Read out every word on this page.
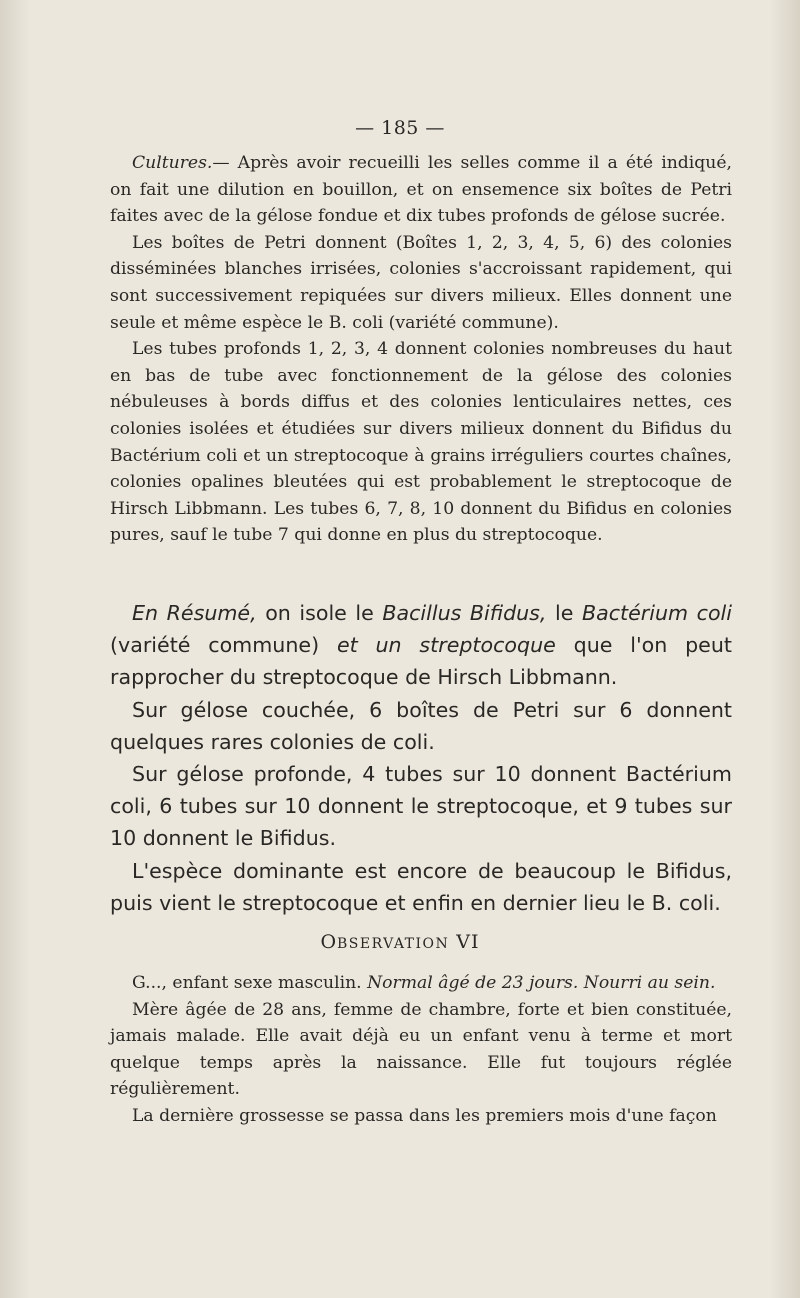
— 185 —

Cultures.— Après avoir recueilli les selles comme il a été indiqué, on fait une dilution en bouillon, et on ensemence six boîtes de Petri faites avec de la gélose fondue et dix tubes profonds de gélose sucrée.

Les boîtes de Petri donnent (Boîtes 1, 2, 3, 4, 5, 6) des colonies disséminées blanches irrisées, colonies s'accroissant rapidement, qui sont successivement repiquées sur divers milieux. Elles donnent une seule et même espèce le B. coli (variété commune).

Les tubes profonds 1, 2, 3, 4 donnent colonies nombreuses du haut en bas de tube avec fonctionnement de la gélose des colonies nébuleuses à bords diffus et des colonies lenticulaires nettes, ces colonies isolées et étudiées sur divers milieux donnent du Bifidus du Bactérium coli et un streptocoque à grains irréguliers courtes chaînes, colonies opalines bleutées qui est probablement le streptocoque de Hirsch Libbmann. Les tubes 6, 7, 8, 10 donnent du Bifidus en colonies pures, sauf le tube 7 qui donne en plus du streptocoque.

En Résumé, on isole le Bacillus Bifidus, le Bactérium coli (variété commune) et un streptocoque que l'on peut rapprocher du streptocoque de Hirsch Libbmann.

Sur gélose couchée, 6 boîtes de Petri sur 6 donnent quelques rares colonies de coli.

Sur gélose profonde, 4 tubes sur 10 donnent Bactérium coli, 6 tubes sur 10 donnent le streptocoque, et 9 tubes sur 10 donnent le Bifidus.

L'espèce dominante est encore de beaucoup le Bifidus, puis vient le streptocoque et enfin en dernier lieu le B. coli.

OBSERVATION VI

G..., enfant sexe masculin. Normal âgé de 23 jours. Nourri au sein.

Mère âgée de 28 ans, femme de chambre, forte et bien constituée, jamais malade. Elle avait déjà eu un enfant venu à terme et mort quelque temps après la naissance. Elle fut toujours réglée régulièrement.

La dernière grossesse se passa dans les premiers mois d'une façon
